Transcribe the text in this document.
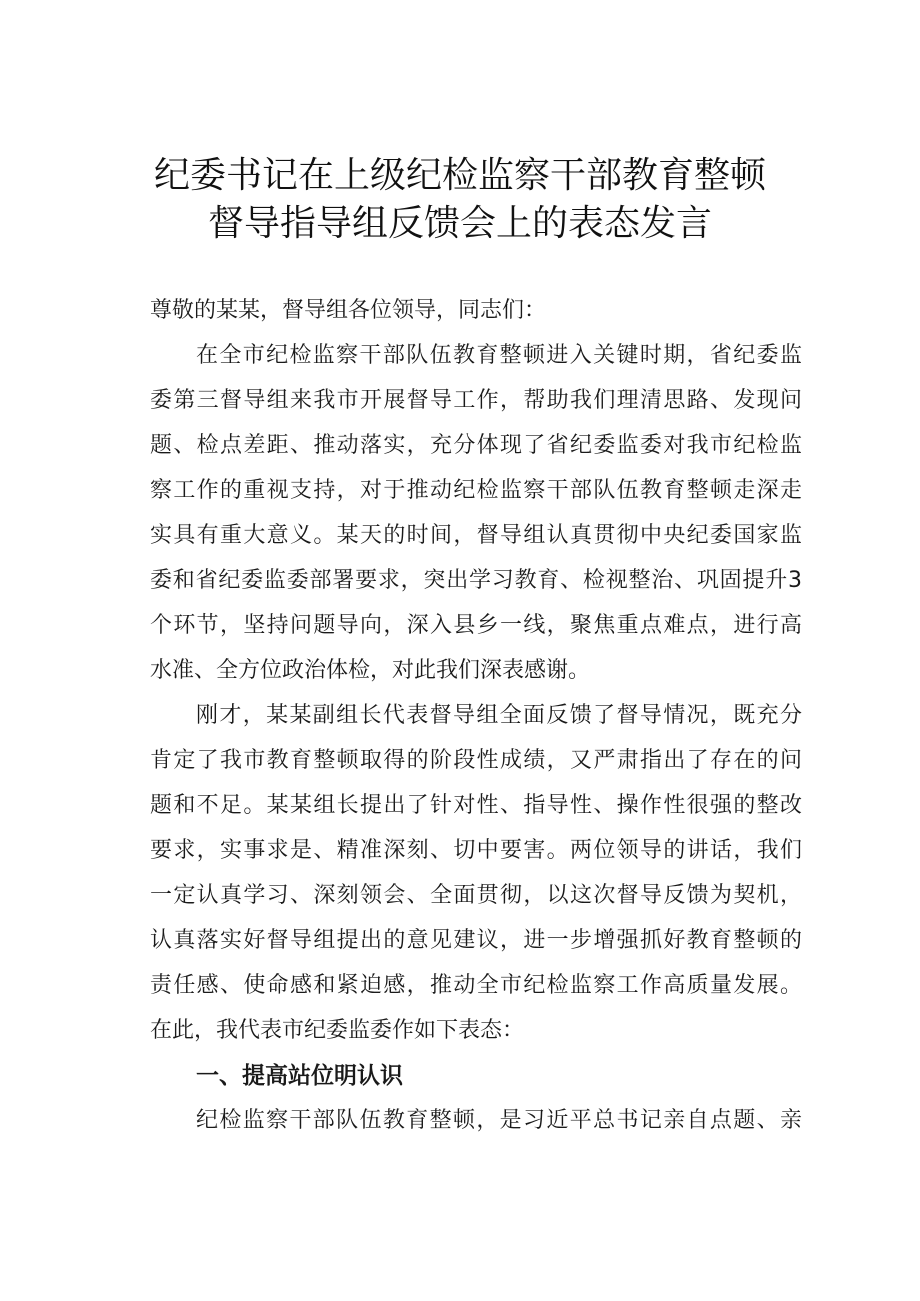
纪委书记在上级纪检监察干部教育整顿
督导指导组反馈会上的表态发言
尊敬的某某，督导组各位领导，同志们：
在全市纪检监察干部队伍教育整顿进入关键时期，省纪委监
委第三督导组来我市开展督导工作，帮助我们理清思路、发现问
题、检点差距、推动落实，充分体现了省纪委监委对我市纪检监
察工作的重视支持，对于推动纪检监察干部队伍教育整顿走深走
实具有重大意义。某天的时间，督导组认真贯彻中央纪委国家监
委和省纪委监委部署要求，突出学习教育、检视整治、巩固提升3
个环节，坚持问题导向，深入县乡一线，聚焦重点难点，进行高
水准、全方位政治体检，对此我们深表感谢。
刚才，某某副组长代表督导组全面反馈了督导情况，既充分
肯定了我市教育整顿取得的阶段性成绩，又严肃指出了存在的问
题和不足。某某组长提出了针对性、指导性、操作性很强的整改
要求，实事求是、精准深刻、切中要害。两位领导的讲话，我们
一定认真学习、深刻领会、全面贯彻，以这次督导反馈为契机，
认真落实好督导组提出的意见建议，进一步增强抓好教育整顿的
责任感、使命感和紧迫感，推动全市纪检监察工作高质量发展。
在此，我代表市纪委监委作如下表态：
一、提高站位明认识
纪检监察干部队伍教育整顿，是习近平总书记亲自点题、亲
